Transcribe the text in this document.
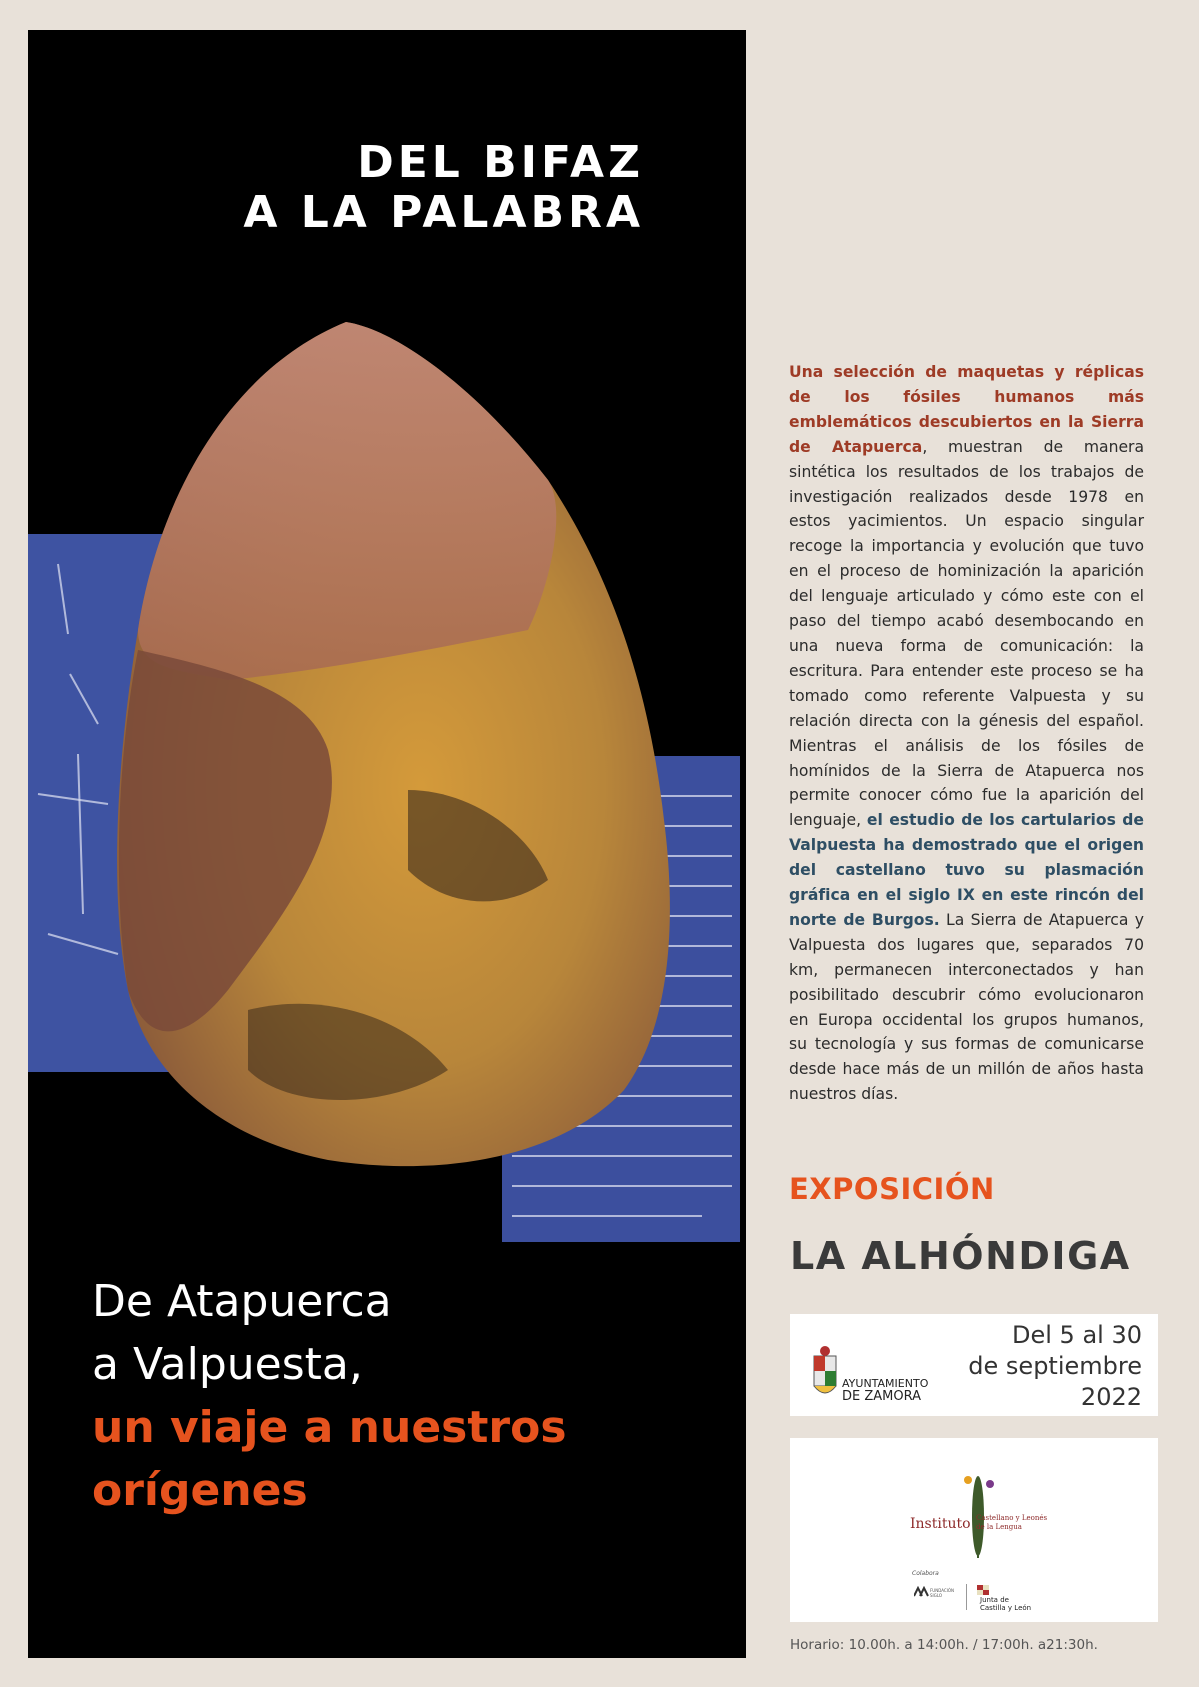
DEL BIFAZ
A LA PALABRA
De Atapuerca
a Valpuesta,
un viaje a nuestros
orígenes
Una selección de maquetas y réplicas de los fósiles humanos más emblemáticos descubiertos en la Sierra de Atapuerca, muestran de manera sintética los resultados de los trabajos de investigación realizados desde 1978 en estos yacimientos. Un espacio singular recoge la importancia y evolución que tuvo en el proceso de hominización la aparición del lenguaje articulado y cómo este con el paso del tiempo acabó desembocando en una nueva forma de comunicación: la escritura. Para entender este proceso se ha tomado como referente Valpuesta y su relación directa con la génesis del español. Mientras el análisis de los fósiles de homínidos de la Sierra de Atapuerca nos permite conocer cómo fue la aparición del lenguaje, el estudio de los cartularios de Valpuesta ha demostrado que el origen del castellano tuvo su plasmación gráfica en el siglo IX en este rincón del norte de Burgos. La Sierra de Atapuerca y Valpuesta dos lugares que, separados 70 km, permanecen interconectados y han posibilitado descubrir cómo evolucionaron en Europa occidental los grupos humanos, su tecnología y sus formas de comunicarse desde hace más de un millón de años hasta nuestros días.
EXPOSICIÓN
LA ALHÓNDIGA
AYUNTAMIENTO
DE ZAMORA
Del 5 al 30
de septiembre
2022
Instituto Castellano y Leonés
de la Lengua
Colabora
FUNDACIÓN
SIGLO
Junta de
Castilla y León
Horario: 10.00h. a 14:00h. / 17:00h. a21:30h.
